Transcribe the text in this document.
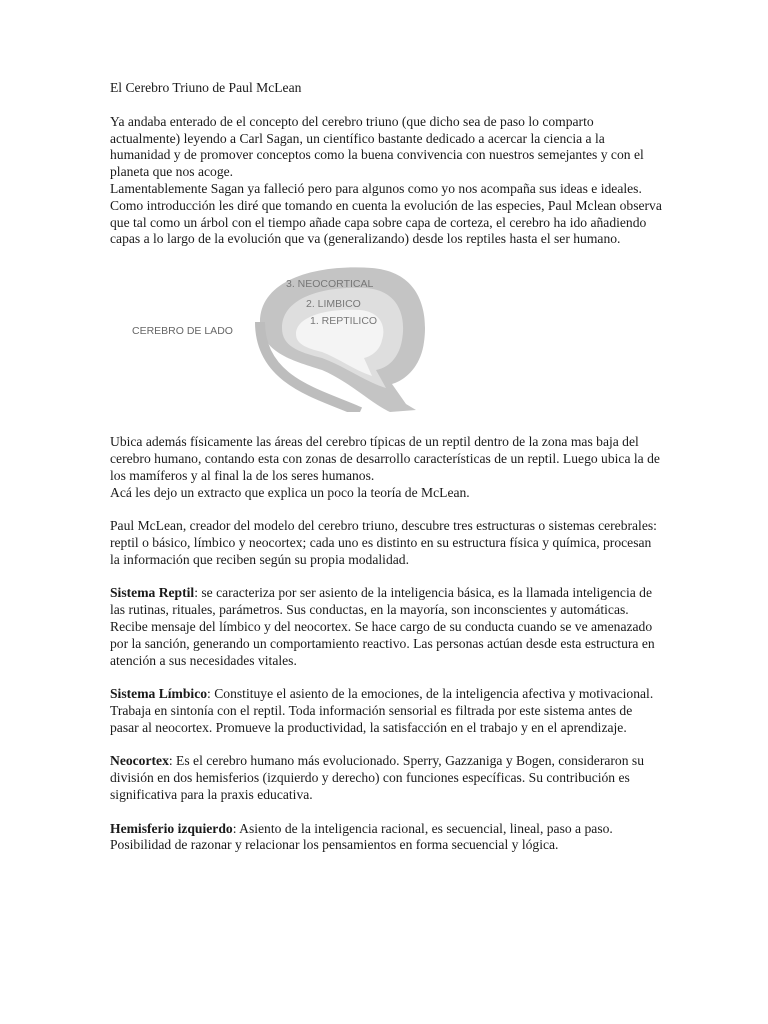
El Cerebro Triuno de Paul McLean

Ya andaba enterado de el concepto del cerebro triuno (que dicho sea de paso lo comparto actualmente) leyendo a Carl Sagan, un científico bastante dedicado a acercar la ciencia a la humanidad y de promover conceptos como la buena convivencia con nuestros semejantes y con el planeta que nos acoge.

Lamentablemente Sagan ya falleció pero para algunos como yo nos acompaña sus ideas e ideales.

Como introducción les diré que tomando en cuenta la evolución de las especies, Paul Mclean observa que tal como un árbol con el tiempo añade capa sobre capa de corteza, el cerebro ha ido añadiendo capas a lo largo de la evolución que va (generalizando) desde los reptiles hasta el ser humano.

CEREBRO DE LADO
3. NEOCORTICAL
2. LIMBICO
1. REPTILICO

Ubica además físicamente las áreas del cerebro típicas de un reptil dentro de la zona mas baja del cerebro humano, contando esta con zonas de desarrollo características de un reptil. Luego ubica la de los mamíferos y al final la de los seres humanos.

Acá les dejo un extracto que explica un poco la teoría de McLean.

Paul McLean, creador del modelo del cerebro triuno, descubre tres estructuras o sistemas cerebrales: reptil o básico, límbico y neocortex; cada uno es distinto en su estructura física y química, procesan la información que reciben según su propia modalidad.

Sistema Reptil: se caracteriza por ser asiento de la inteligencia básica, es la llamada inteligencia de las rutinas, rituales, parámetros. Sus conductas, en la mayoría, son inconscientes y automáticas. Recibe mensaje del límbico y del neocortex. Se hace cargo de su conducta cuando se ve amenazado por la sanción, generando un comportamiento reactivo. Las personas actúan desde esta estructura en atención a sus necesidades vitales.

Sistema Límbico: Constituye el asiento de la emociones, de la inteligencia afectiva y motivacional. Trabaja en sintonía con el reptil. Toda información sensorial es filtrada por este sistema antes de pasar al neocortex. Promueve la productividad, la satisfacción en el trabajo y en el aprendizaje.

Neocortex: Es el cerebro humano más evolucionado. Sperry, Gazzaniga y Bogen, consideraron su división en dos hemisferios (izquierdo y derecho) con funciones específicas. Su contribución es significativa para la praxis educativa.

Hemisferio izquierdo: Asiento de la inteligencia racional, es secuencial, lineal, paso a paso. Posibilidad de razonar y relacionar los pensamientos en forma secuencial y lógica.
